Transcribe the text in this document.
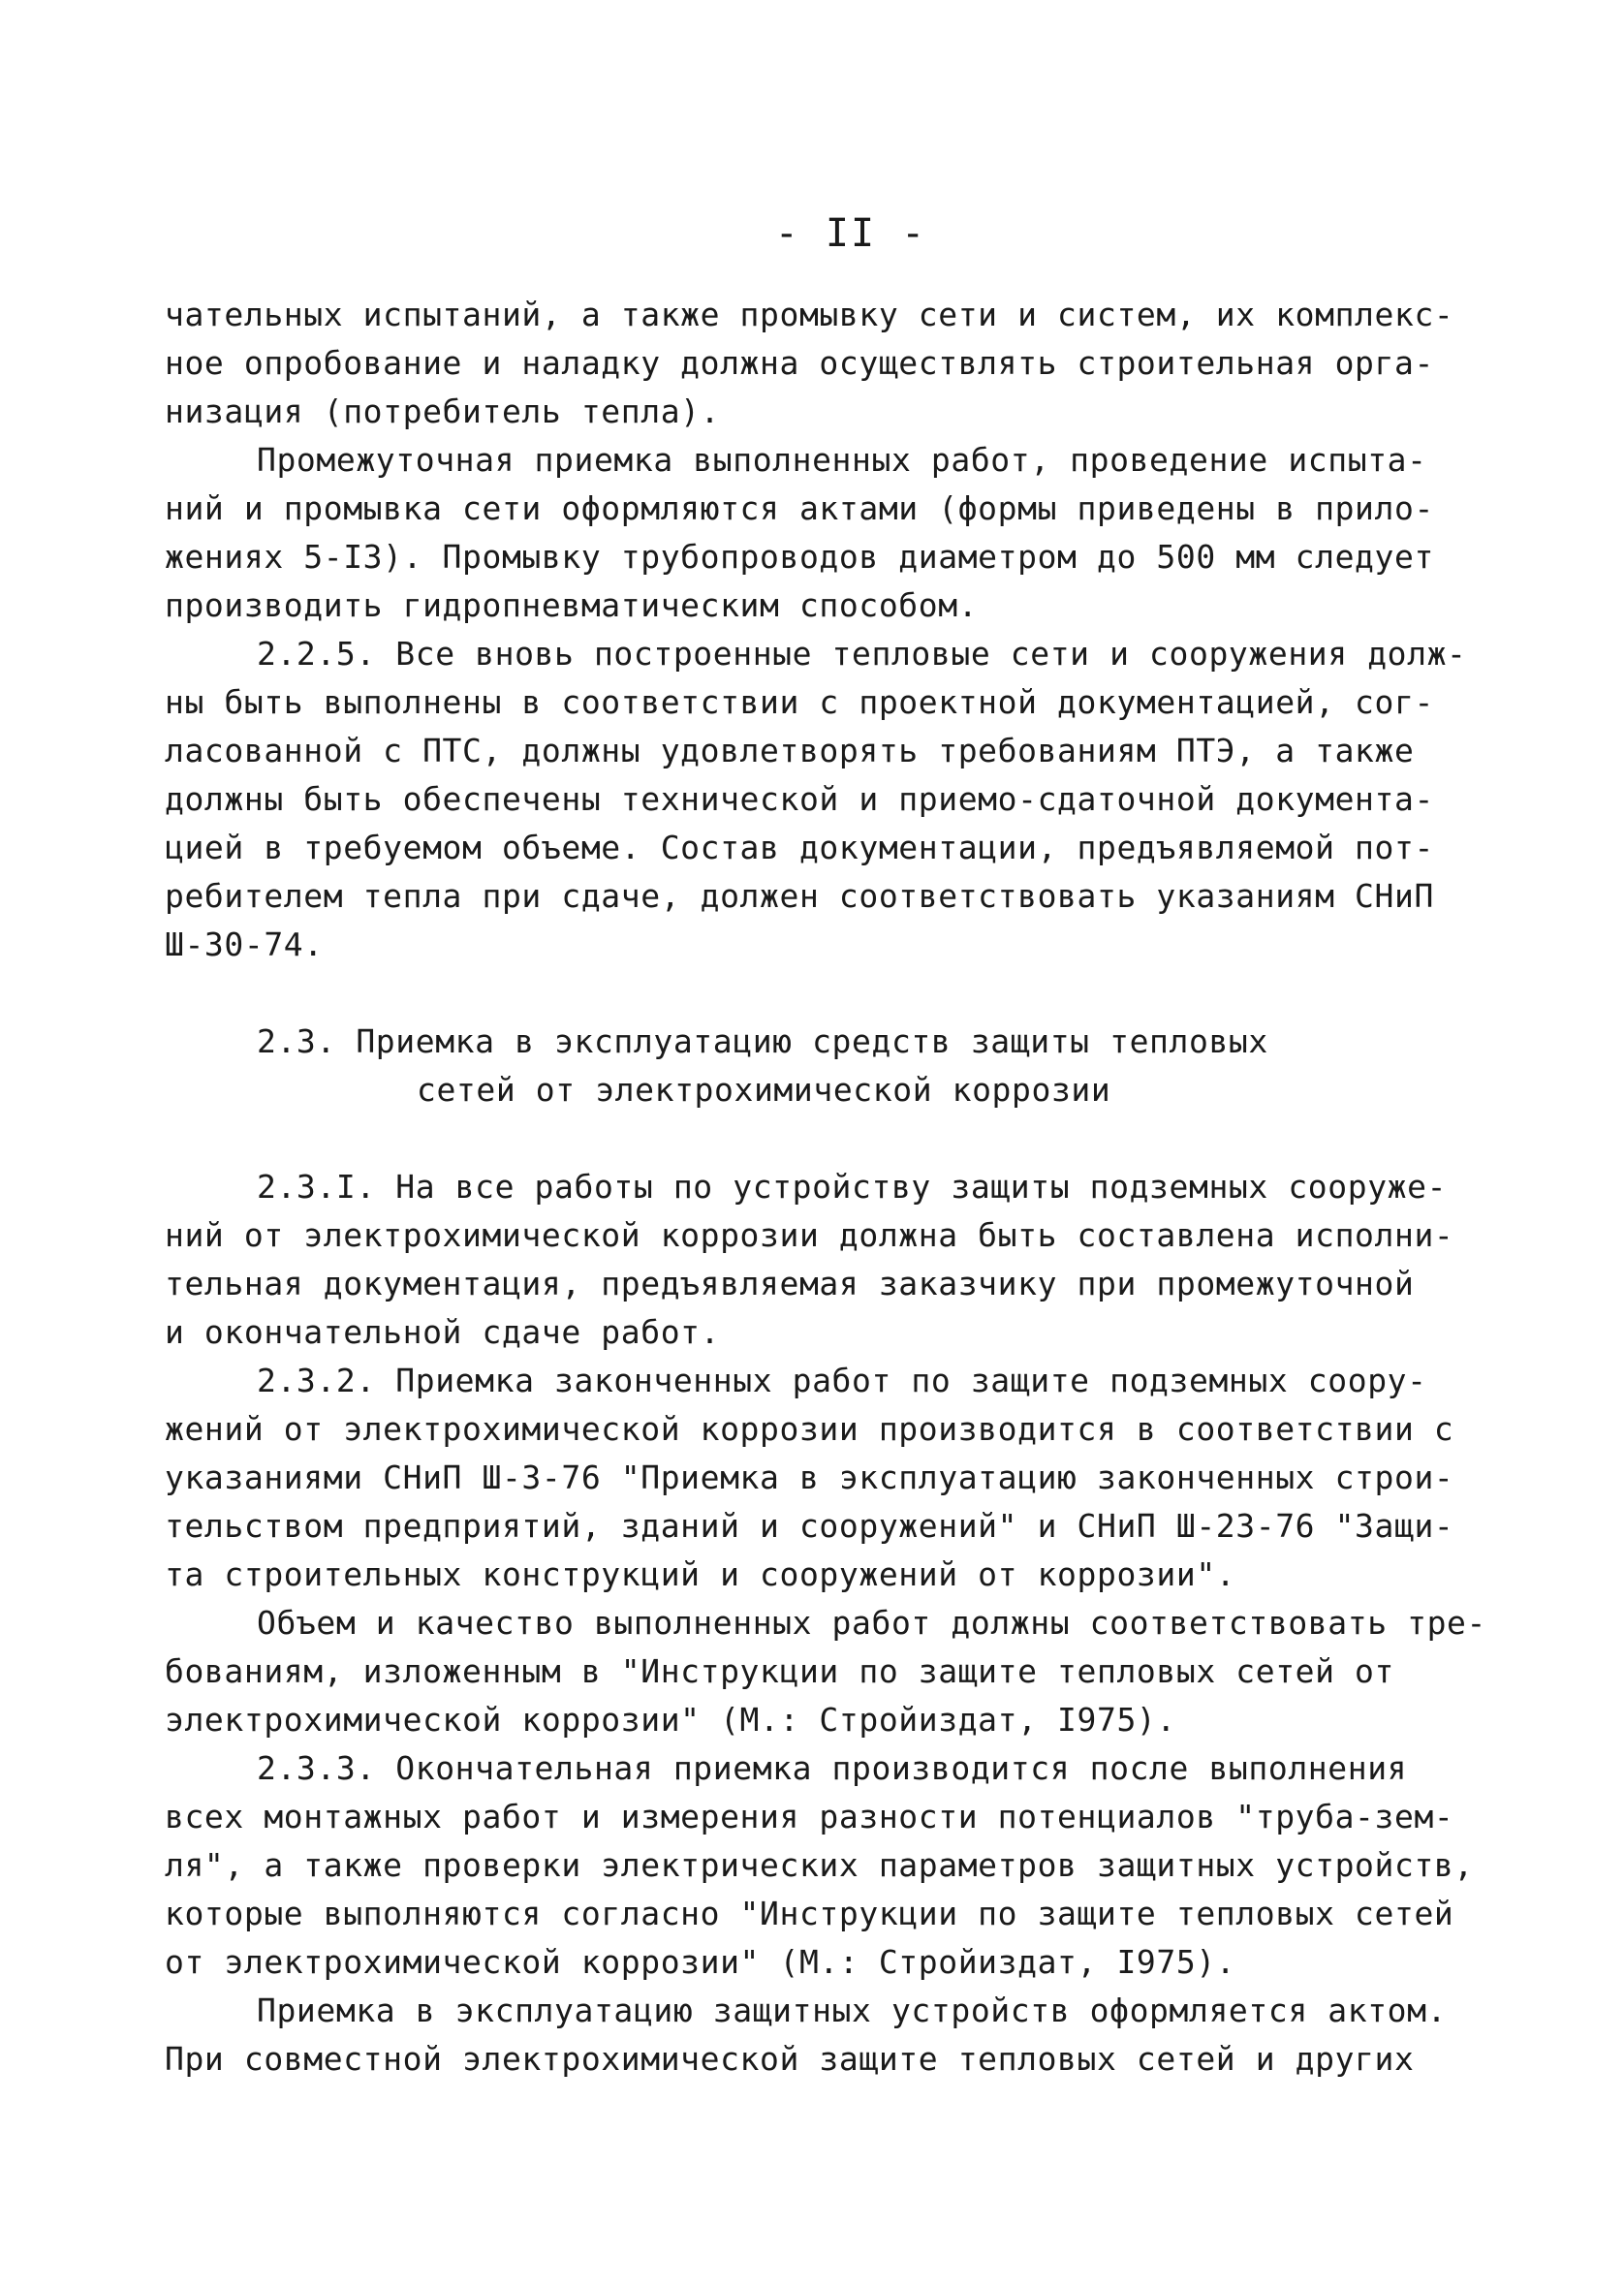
- II -
чательных испытаний, а также промывку сети и систем, их комплекс-
ное опробование и наладку должна осуществлять строительная орга-
низация (потребитель тепла).
Промежуточная приемка выполненных работ, проведение испыта-
ний и промывка сети оформляются актами (формы приведены в прило-
жениях 5-I3). Промывку трубопроводов диаметром до 500 мм следует
производить гидропневматическим способом.
2.2.5. Все вновь построенные тепловые сети и сооружения долж-
ны быть выполнены в соответствии с проектной документацией, сог-
ласованной с ПТС, должны удовлетворять требованиям ПТЭ, а также
должны быть обеспечены технической и приемо-сдаточной документа-
цией в требуемом объеме. Состав документации, предъявляемой пот-
ребителем тепла при сдаче, должен соответствовать указаниям СНиП
Ш-30-74.
2.3. Приемка в эксплуатацию средств защиты тепловых
сетей от электрохимической коррозии
2.3.I. На все работы по устройству защиты подземных сооруже-
ний от электрохимической коррозии должна быть составлена исполни-
тельная документация, предъявляемая заказчику при промежуточной
и окончательной сдаче работ.
2.3.2. Приемка законченных работ по защите подземных соору-
жений от электрохимической коррозии производится в соответствии с
указаниями СНиП Ш-3-76 "Приемка в эксплуатацию законченных строи-
тельством предприятий, зданий и сооружений" и СНиП Ш-23-76 "Защи-
та строительных конструкций и сооружений от коррозии".
Объем и качество выполненных работ должны соответствовать тре-
бованиям, изложенным в "Инструкции по защите тепловых сетей от
электрохимической коррозии" (М.: Стройиздат, I975).
2.3.3. Окончательная приемка производится после выполнения
всех монтажных работ и измерения разности потенциалов "труба-зем-
ля", а также проверки электрических параметров защитных устройств,
которые выполняются согласно "Инструкции по защите тепловых сетей
от электрохимической коррозии" (М.: Стройиздат, I975).
Приемка в эксплуатацию защитных устройств оформляется актом.
При совместной электрохимической защите тепловых сетей и других
